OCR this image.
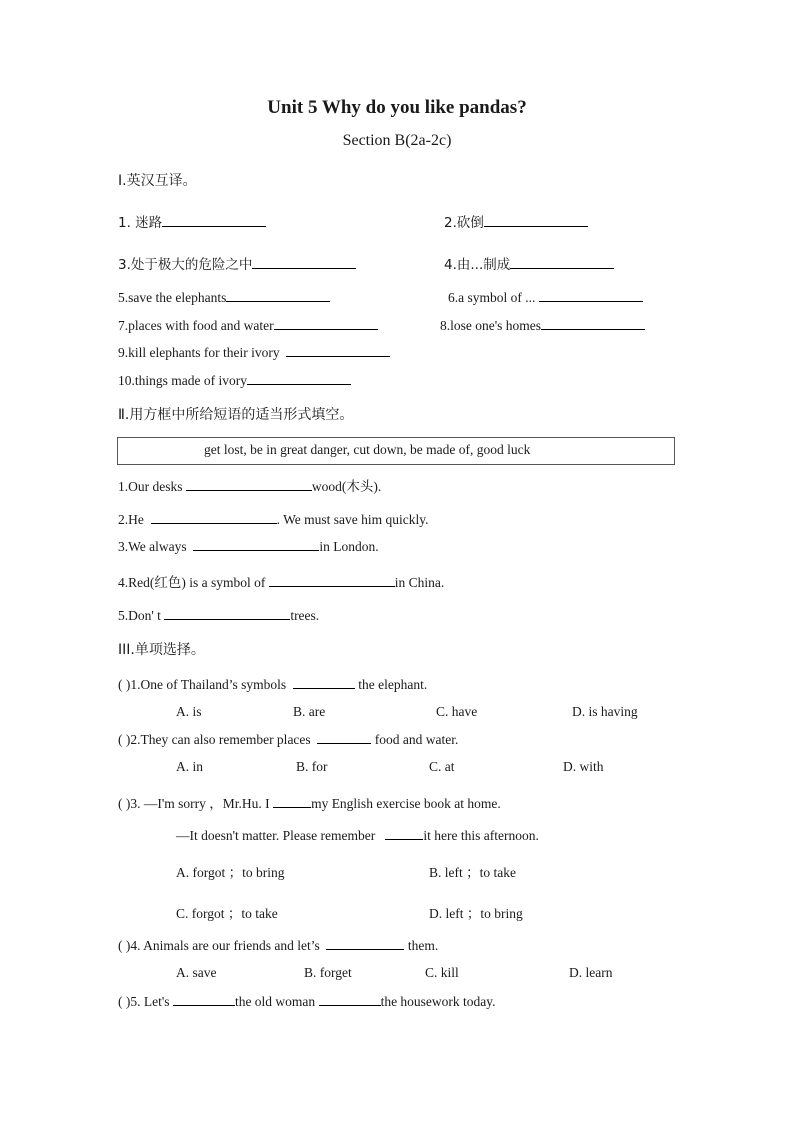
Unit 5 Why do you like pandas?
Section B(2a-2c)
Ⅰ.英汉互译。
1. 迷路	2.砍倒
3.处于极大的危险之中	4.由...制成
5.save the elephants	6.a symbol of ...
7.places with food and water	8.lose one's homes
9.kill elephants for their ivory
10.things made of ivory
Ⅱ.用方框中所给短语的适当形式填空。
get lost, be in great danger, cut down, be made of, good luck
1.Our desks	wood(木头).
2.He	. We must save him quickly.
3.We always	in London.
4.Red(红色) is a symbol of	in China.
5.Don' t	trees.
III.单项选择。
( )1.One of Thailand’s symbols	the elephant.
A. is	B. are	C. have	D. is having
( )2.They can also remember places	food and water.
A. in	B. for	C. at	D. with
( )3. —I'm sorry ，Mr.Hu. I	my English exercise book at home.
—It doesn't matter. Please remember	it here this afternoon.
A. forgot ；to bring	B. left ；to take
C. forgot ；to take	D. left ；to bring
( )4. Animals are our friends and let’s	them.
A. save	B. forget	C. kill	D. learn
( )5. Let's	the old woman	the housework today.
